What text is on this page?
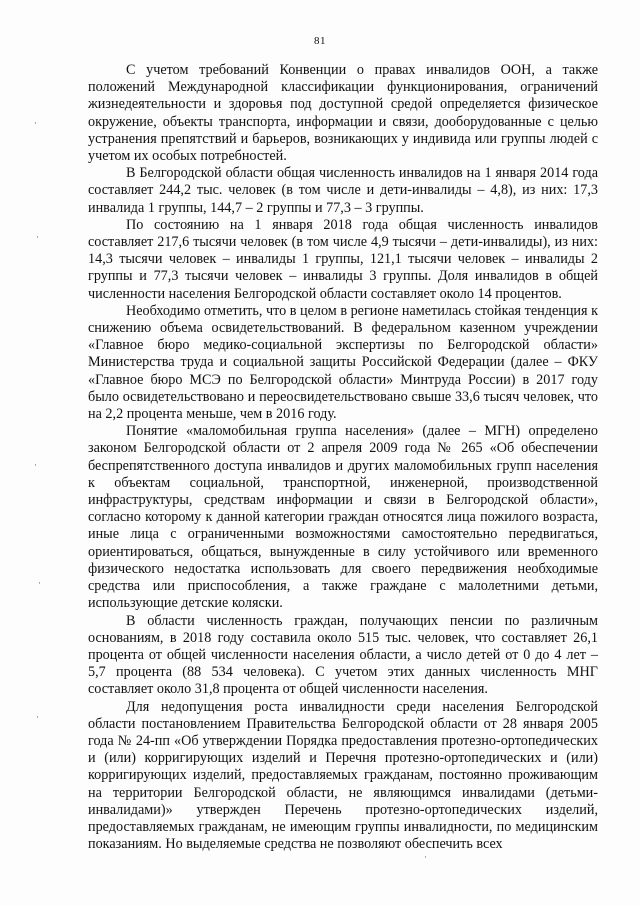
81

С учетом требований Конвенции о правах инвалидов ООН, а также положений Международной классификации функционирования, ограничений жизнедеятельности и здоровья под доступной средой определяется физическое окружение, объекты транспорта, информации и связи, дооборудованные с целью устранения препятствий и барьеров, возникающих у индивида или группы людей с учетом их особых потребностей.

В Белгородской области общая численность инвалидов на 1 января 2014 года составляет 244,2 тыс. человек (в том числе и дети-инвалиды – 4,8), из них: 17,3 инвалида 1 группы, 144,7 – 2 группы и 77,3 – 3 группы.

По состоянию на 1 января 2018 года общая численность инвалидов составляет 217,6 тысячи человек (в том числе 4,9 тысячи – дети-инвалиды), из них: 14,3 тысячи человек – инвалиды 1 группы, 121,1 тысячи человек – инвалиды 2 группы и 77,3 тысячи человек – инвалиды 3 группы. Доля инвалидов в общей численности населения Белгородской области составляет около 14 процентов.

Необходимо отметить, что в целом в регионе наметилась стойкая тенденция к снижению объема освидетельствований. В федеральном казенном учреждении «Главное бюро медико-социальной экспертизы по Белгородской области» Министерства труда и социальной защиты Российской Федерации (далее – ФКУ «Главное бюро МСЭ по Белгородской области» Минтруда России) в 2017 году было освидетельствовано и переосвидетельствовано свыше 33,6 тысяч человек, что на 2,2 процента меньше, чем в 2016 году.

Понятие «маломобильная группа населения» (далее – МГН) определено законом Белгородской области от 2 апреля 2009 года № 265 «Об обеспечении беспрепятственного доступа инвалидов и других маломобильных групп населения к объектам социальной, транспортной, инженерной, производственной инфраструктуры, средствам информации и связи в Белгородской области», согласно которому к данной категории граждан относятся лица пожилого возраста, иные лица с ограниченными возможностями самостоятельно передвигаться, ориентироваться, общаться, вынужденные в силу устойчивого или временного физического недостатка использовать для своего передвижения необходимые средства или приспособления, а также граждане с малолетними детьми, использующие детские коляски.

В области численность граждан, получающих пенсии по различным основаниям, в 2018 году составила около 515 тыс. человек, что составляет 26,1 процента от общей численности населения области, а число детей от 0 до 4 лет – 5,7 процента (88 534 человека). С учетом этих данных численность МНГ составляет около 31,8 процента от общей численности населения.

Для недопущения роста инвалидности среди населения Белгородской области постановлением Правительства Белгородской области от 28 января 2005 года № 24-пп «Об утверждении Порядка предоставления протезно-ортопедических и (или) корригирующих изделий и Перечня протезно-ортопедических и (или) корригирующих изделий, предоставляемых гражданам, постоянно проживающим на территории Белгородской области, не являющимся инвалидами (детьми-инвалидами)» утвержден Перечень протезно-ортопедических изделий, предоставляемых гражданам, не имеющим группы инвалидности, по медицинским показаниям. Но выделяемые средства не позволяют обеспечить всех

·
·
·
·
·
·
